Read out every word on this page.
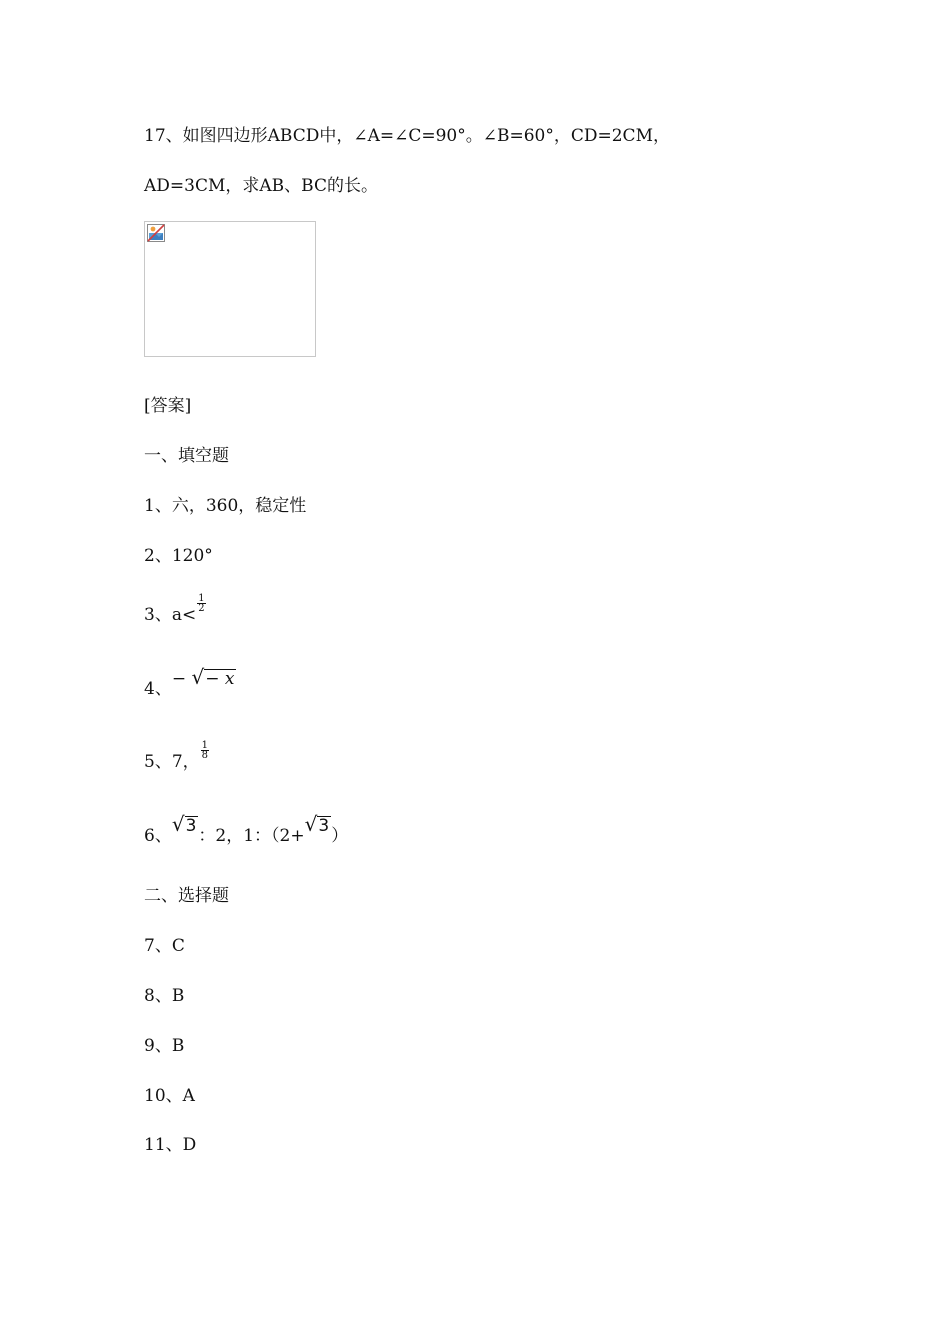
17、如图四边形ABCD中，∠A=∠C=90°。∠B=60°，CD=2CM，
AD=3CM，求AB、BC的长。
[答案]
一、填空题
1、六，360，稳定性
2、120°
3、a<
$\frac{1}{2}$
4、− √− x
5、7，
$\frac{1}{8}$
6、√3 ：2，1：（2+√3 ）
二、选择题
7、C
8、B
9、B
10、A
11、D
